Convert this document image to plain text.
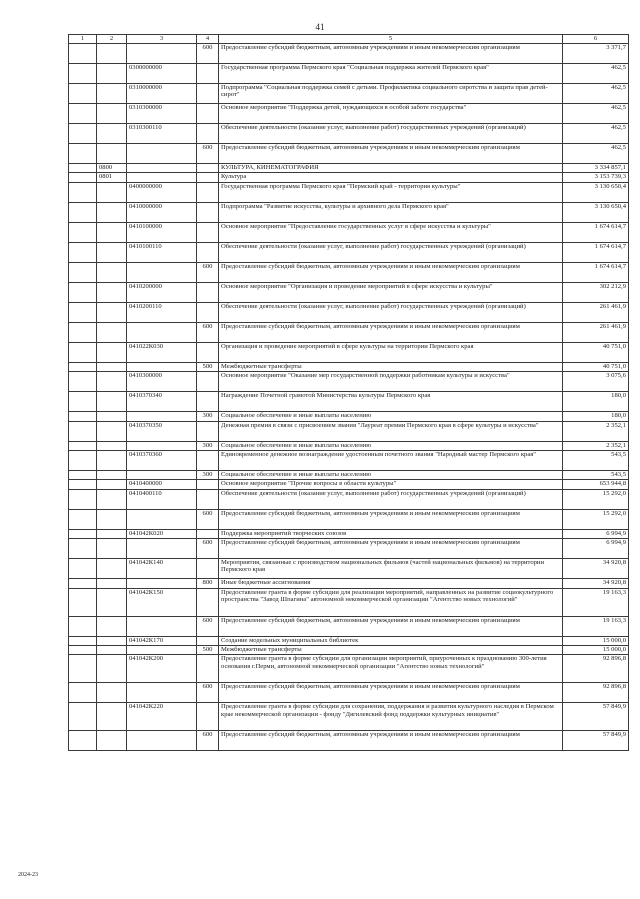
41
1	2	3	4	5	6
			600	Предоставление субсидий бюджетным, автономным учреждениям и иным некоммерческим организациям	3 371,7
		0300000000		Государственная программа Пермского края "Социальная поддержка жителей Пермского края"	462,5
		0310000000		Подпрограмма "Социальная поддержка семей с детьми. Профилактика социального сиротства и защита прав детей-сирот"	462,5
		0310300000		Основное мероприятие "Поддержка детей, нуждающихся в особой заботе государства"	462,5
		0310300110		Обеспечение деятельности (оказание услуг, выполнение работ) государственных учреждений (организаций)	462,5
			600	Предоставление субсидий бюджетным, автономным учреждениям и иным некоммерческим организациям	462,5
	0800			КУЛЬТУРА, КИНЕМАТОГРАФИЯ	3 334 857,1
	0801			Культура	3 153 739,3
		0400000000		Государственная программа Пермского края "Пермский край - территория культуры"	3 130 650,4
		0410000000		Подпрограмма "Развитие искусства, культуры и архивного дела Пермского края"	3 130 650,4
		0410100000		Основное мероприятие "Предоставление государственных услуг в сфере искусства и культуры"	1 674 614,7
		0410100110		Обеспечение деятельности (оказание услуг, выполнение работ) государственных учреждений (организаций)	1 674 614,7
			600	Предоставление субсидий бюджетным, автономным учреждениям и иным некоммерческим организациям	1 674 614,7
		0410200000		Основное мероприятие "Организация и проведение мероприятий в сфере искусства и культуры"	302 212,9
		0410200110		Обеспечение деятельности (оказание услуг, выполнение работ) государственных учреждений (организаций)	261 461,9
			600	Предоставление субсидий бюджетным, автономным учреждениям и иным некоммерческим организациям	261 461,9
		041022К030		Организация и проведение мероприятий в сфере культуры на территории Пермского края	40 751,0
			500	Межбюджетные трансферты	40 751,0
		0410300000		Основное мероприятие "Оказание мер государственной поддержки работникам культуры и искусства"	3 075,6
		0410370340		Награждение Почетной грамотой Министерства культуры Пермского края	180,0
			300	Социальное обеспечение и иные выплаты населению	180,0
		0410370350		Денежная премия в связи с присвоением звания "Лауреат премии Пермского края в сфере культуры и искусства"	2 352,1
			300	Социальное обеспечение и иные выплаты населению	2 352,1
		0410370360		Единовременное денежное вознаграждение удостоенным почетного звания "Народный мастер Пермского края"	543,5
			300	Социальное обеспечение и иные выплаты населению	543,5
		0410400000		Основное мероприятие "Прочие вопросы в области культуры"	653 944,8
		0410400110		Обеспечение деятельности (оказание услуг, выполнение работ) государственных учреждений (организаций)	15 292,0
			600	Предоставление субсидий бюджетным, автономным учреждениям и иным некоммерческим организациям	15 292,0
		041042К020		Поддержка мероприятий творческих союзов	6 994,9
			600	Предоставление субсидий бюджетным, автономным учреждениям и иным некоммерческим организациям	6 994,9
		041042К140		Мероприятия, связанные с производством национальных фильмов (частей национальных фильмов) на территории Пермского края	34 920,8
			800	Иные бюджетные ассигнования	34 920,8
		041042К150		Предоставление гранта в форме субсидии для реализации мероприятий, направленных на развитие социокультурного пространства "Завод Шпагина" автономной некоммерческой организации "Агентство новых технологий"	19 163,3
			600	Предоставление субсидий бюджетным, автономным учреждениям и иным некоммерческим организациям	19 163,3
		041042К170		Создание модельных муниципальных библиотек	15 000,0
			500	Межбюджетные трансферты	15 000,0
		041042К200		Предоставление гранта в форме субсидии для организации мероприятий, приуроченных к празднованию 300-летия основания г.Перми, автономной некоммерческой организации "Агентство новых технологий"	92 896,8
			600	Предоставление субсидий бюджетным, автономным учреждениям и иным некоммерческим организациям	92 896,8
		041042К220		Предоставление гранта в форме субсидии для сохранения, поддержания и развития культурного наследия в Пермском крае некоммерческой организации - фонду "Дягилевский фонд поддержки культурных инициатив"	57 849,9
			600	Предоставление субсидий бюджетным, автономным учреждениям и иным некоммерческим организациям	57 849,9
2024-23
